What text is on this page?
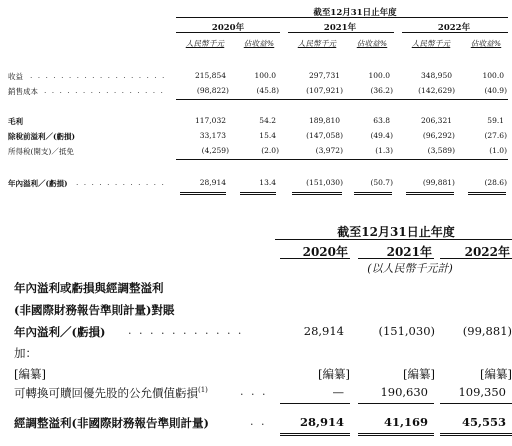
截至12月31日止年度
2020年	2021年	2022年
人民幣千元	佔收益%	人民幣千元	佔收益%	人民幣千元	佔收益%
收益 . . . . . . . . . . . . . . . . . .	215,854	100.0	297,731	100.0	348,950	100.0
銷售成本 . . . . . . . . . . . . . . . .	(98,822)	(45.8)	(107,921)	(36.2)	(142,629)	(40.9)
毛利	117,032	54.2	189,810	63.8	206,321	59.1
除稅前溢利／(虧損)	33,173	15.4	(147,058)	(49.4)	(96,292)	(27.6)
所得稅(開支)／抵免	(4,259)	(2.0)	(3,972)	(1.3)	(3,589)	(1.0)
年內溢利／(虧損) . . . . . . . . . . . .	28,914	13.4	(151,030)	(50.7)	(99,881)	(28.6)
截至12月31日止年度
2020年	2021年	2022年
(以人民幣千元計)
年內溢利或虧損與經調整溢利
(非國際財務報告準則計量)對賬
年內溢利／(虧損) . . . . . . . . . . .	28,914	(151,030)	(99,881)
加：
[編纂]	[編纂]	[編纂]	[編纂]
可轉換可贖回優先股的公允價值虧損$^{(1)}$	. . .	—	190,630	109,350
經調整溢利(非國際財務報告準則計量)	. .	28,914	41,169	45,553
